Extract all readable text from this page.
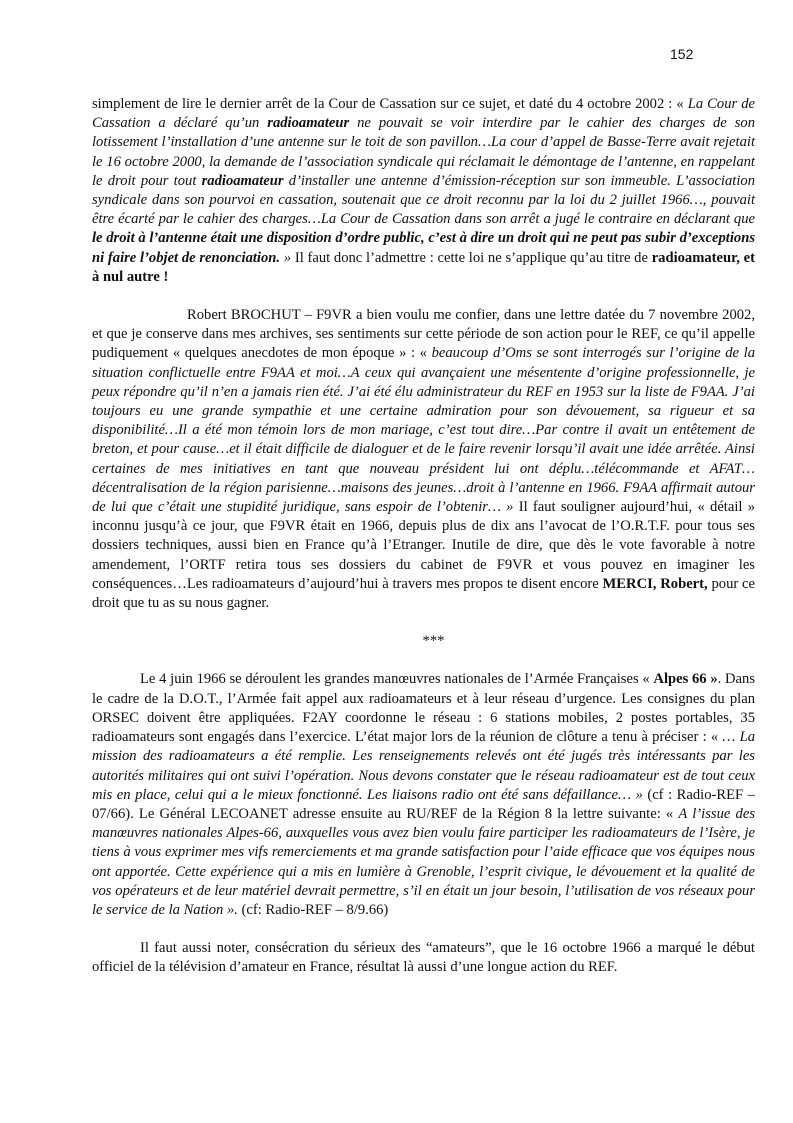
152

simplement de lire le dernier arrêt de la Cour de Cassation sur ce sujet, et daté du 4 octobre 2002 : « La Cour de Cassation a déclaré qu’un radioamateur ne pouvait se voir interdire par le cahier des charges de son lotissement l’installation d’une antenne sur le toit de son pavillon…La cour d’appel de Basse-Terre avait rejetait le 16 octobre 2000, la demande de l’association syndicale qui réclamait le démontage de l’antenne, en rappelant le droit pour tout radioamateur d’installer une antenne d’émission-réception sur son immeuble. L’association syndicale dans son pourvoi en cassation, soutenait que ce droit reconnu par la loi du 2 juillet 1966…, pouvait être écarté par le cahier des charges…La Cour de Cassation dans son arrêt a jugé le contraire en déclarant que le droit à l’antenne était une disposition d’ordre public, c’est à dire un droit qui ne peut pas subir d’exceptions ni faire l’objet de renonciation. » Il faut donc l’admettre : cette loi ne s’applique qu’au titre de radioamateur, et à nul autre !

Robert BROCHUT – F9VR a bien voulu me confier, dans une lettre datée du 7 novembre 2002, et que je conserve dans mes archives, ses sentiments sur cette période de son action pour le REF, ce qu’il appelle pudiquement « quelques anecdotes de mon époque » : « beaucoup d’Oms se sont interrogés sur l’origine de la situation conflictuelle entre F9AA et moi…A ceux qui avançaient une mésentente d’origine professionnelle, je peux répondre qu’il n’en a jamais rien été. J’ai été élu administrateur du REF en 1953 sur la liste de F9AA. J’ai toujours eu une grande sympathie et une certaine admiration pour son dévouement, sa rigueur et sa disponibilité…Il a été mon témoin lors de mon mariage, c’est tout dire…Par contre il avait un entêtement de breton, et pour cause…et il était difficile de dialoguer et de le faire revenir lorsqu’il avait une idée arrêtée. Ainsi certaines de mes initiatives en tant que nouveau président lui ont déplu…télécommande et AFAT…décentralisation de la région parisienne…maisons des jeunes…droit à l’antenne en 1966. F9AA affirmait autour de lui que c’était une stupidité juridique, sans espoir de l’obtenir… » Il faut souligner aujourd’hui, « détail » inconnu jusqu’à ce jour, que F9VR était en 1966, depuis plus de dix ans l’avocat de l’O.R.T.F. pour tous ses dossiers techniques, aussi bien en France qu’à l’Etranger. Inutile de dire, que dès le vote favorable à notre amendement, l’ORTF retira tous ses dossiers du cabinet de F9VR et vous pouvez en imaginer les conséquences…Les radioamateurs d’aujourd’hui à travers mes propos te disent encore MERCI, Robert, pour ce droit que tu as su nous gagner.

***

Le 4 juin 1966 se déroulent les grandes manœuvres nationales de l’Armée Françaises « Alpes 66 ». Dans le cadre de la D.O.T., l’Armée fait appel aux radioamateurs et à leur réseau d’urgence. Les consignes du plan ORSEC doivent être appliquées. F2AY coordonne le réseau : 6 stations mobiles, 2 postes portables, 35 radioamateurs sont engagés dans l’exercice. L’état major lors de la réunion de clôture a tenu à préciser : « … La mission des radioamateurs a été remplie. Les renseignements relevés ont été jugés très intéressants par les autorités militaires qui ont suivi l’opération. Nous devons constater que le réseau radioamateur est de tout ceux mis en place, celui qui a le mieux fonctionné. Les liaisons radio ont été sans défaillance… » (cf : Radio-REF – 07/66). Le Général LECOANET adresse ensuite au RU/REF de la Région 8 la lettre suivante: « A l’issue des manœuvres nationales Alpes-66, auxquelles vous avez bien voulu faire participer les radioamateurs de l’Isère, je tiens à vous exprimer mes vifs remerciements et ma grande satisfaction pour l’aide efficace que vos équipes nous ont apportée. Cette expérience qui a mis en lumière à Grenoble, l’esprit civique, le dévouement et la qualité de vos opérateurs et de leur matériel devrait permettre, s’il en était un jour besoin, l’utilisation de vos réseaux pour le service de la Nation ». (cf: Radio-REF – 8/9.66)

Il faut aussi noter, consécration du sérieux des “amateurs”, que le 16 octobre 1966 a marqué le début officiel de la télévision d’amateur en France, résultat là aussi d’une longue action du REF.
